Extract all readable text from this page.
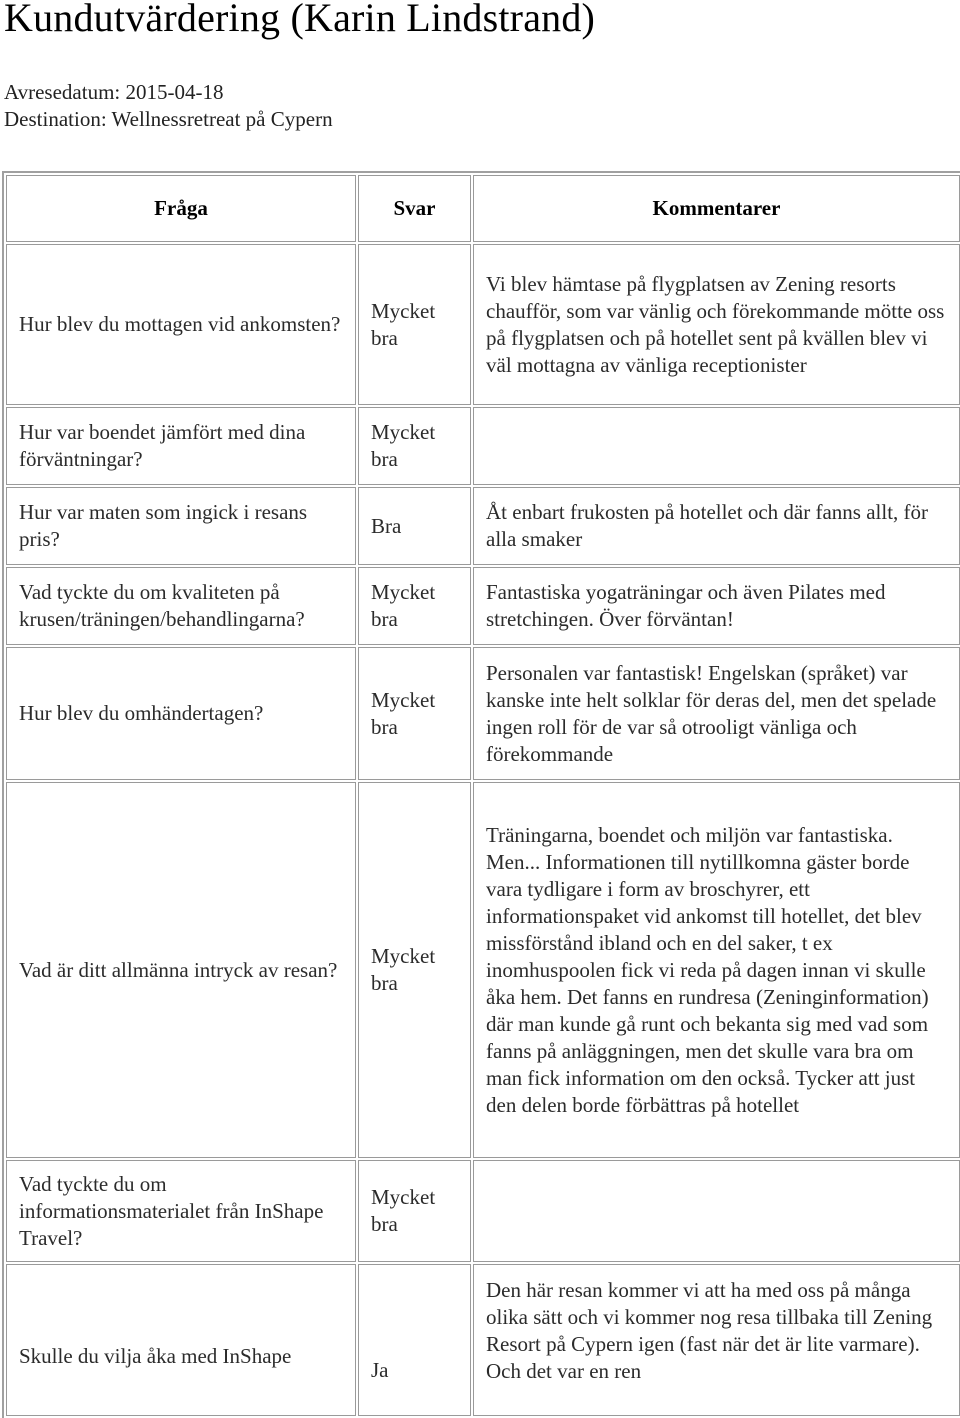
Kundutvärdering (Karin Lindstrand)
Avresedatum: 2015-04-18
Destination: Wellnessretreat på Cypern
Fråga	Svar	Kommentarer
Hur blev du mottagen vid ankomsten?	Mycket bra	Vi blev hämtase på flygplatsen av Zening resorts chaufför, som var vänlig och förekommande mötte oss på flygplatsen och på hotellet sent på kvällen blev vi väl mottagna av vänliga receptionister
Hur var boendet jämfört med dina förväntningar?	Mycket bra	
Hur var maten som ingick i resans pris?	Bra	Åt enbart frukosten på hotellet och där fanns allt, för alla smaker
Vad tyckte du om kvaliteten på krusen/träningen/behandlingarna?	Mycket bra	Fantastiska yogaträningar och även Pilates med stretchingen. Över förväntan!
Hur blev du omhändertagen?	Mycket bra	Personalen var fantastisk! Engelskan (språket) var kanske inte helt solklar för deras del, men det spelade ingen roll för de var så otrooligt vänliga och förekommande
Vad är ditt allmänna intryck av resan?	Mycket bra	Träningarna, boendet och miljön var fantastiska. Men... Informationen till nytillkomna gäster borde vara tydligare i form av broschyrer, ett informationspaket vid ankomst till hotellet, det blev missförstånd ibland och en del saker, t ex inomhuspoolen fick vi reda på dagen innan vi skulle åka hem. Det fanns en rundresa (Zeninginformation) där man kunde gå runt och bekanta sig med vad som fanns på anläggningen, men det skulle vara bra om man fick information om den också. Tycker att just den delen borde förbättras på hotellet
Vad tyckte du om informationsmaterialet från InShape Travel?	Mycket bra	

Skulle du vilja åka med InShape	Ja	Den här resan kommer vi att ha med oss på många olika sätt och vi kommer nog resa tillbaka till Zening Resort på Cypern igen (fast när det är lite varmare). Och det var en ren
